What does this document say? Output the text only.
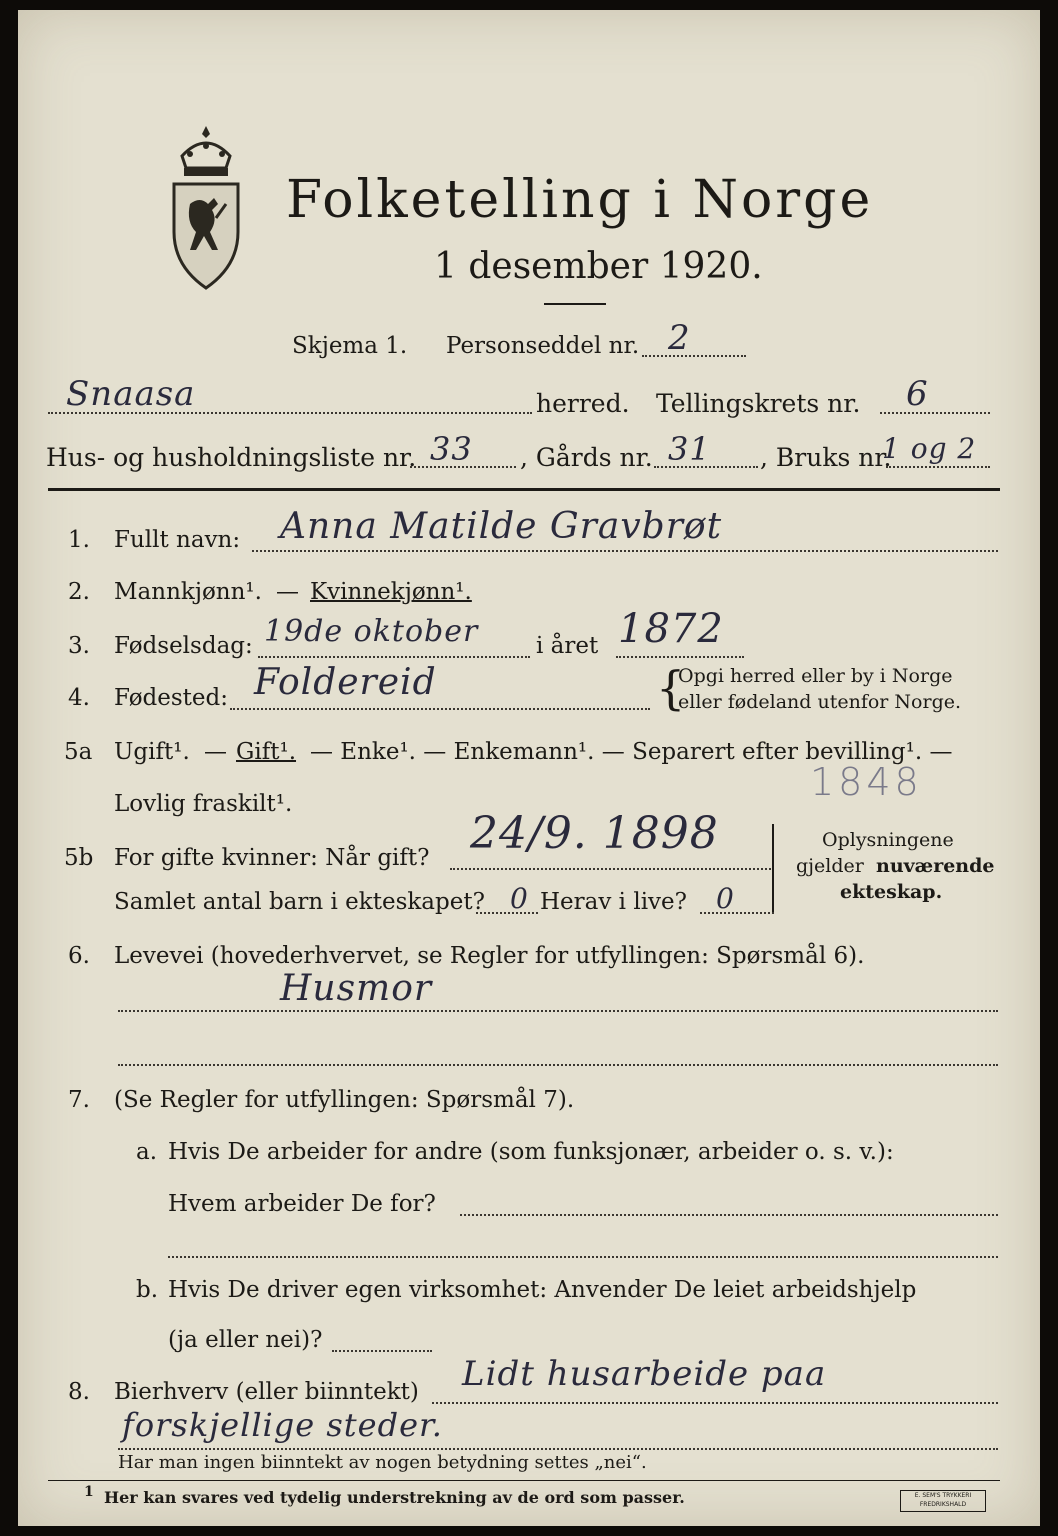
Folketelling i Norge
1 desember 1920.
Skjema 1. Personseddel nr. 2
Snaasa	herred. Tellingskrets nr. 6
Hus- og husholdningsliste nr. 33 , Gårds nr. 31 , Bruks nr.
1 og 2
1. Fullt navn: Anna Matilde Gravbrøt
2. Mannkjønn¹. — Kvinnekjønn¹.
3. Fødselsdag: 19de oktober	i året 1872
4. Fødested: Foldereid	{
Opgi herred eller by i Norge
eller fødeland utenfor Norge.
5a Ugift¹. — Gift¹. — Enke¹. — Enkemann¹. — Separert efter bevilling¹. —
Lovlig fraskilt¹.	1848
5b For gifte kvinner: Når gift? 24/9. 1898
Samlet antal barn i ekteskapet? 0 Herav i live? 0
Oplysningene
gjelder nuværende
ekteskap.
6. Levevei (hovederhvervet, se Regler for utfyllingen: Spørsmål 6).
Husmor
7. (Se Regler for utfyllingen: Spørsmål 7).
a. Hvis De arbeider for andre (som funksjonær, arbeider o. s. v.):
Hvem arbeider De for?
b. Hvis De driver egen virksomhet: Anvender De leiet arbeidshjelp
(ja eller nei)?
8. Bierhverv (eller biinntekt) Lidt husarbeide paa
forskjellige steder.
Har man ingen biinntekt av nogen betydning settes „nei“.
1 Her kan svares ved tydelig understrekning av de ord som passer.	E. SEM'S TRYKKERI
FREDRIKSHALD
